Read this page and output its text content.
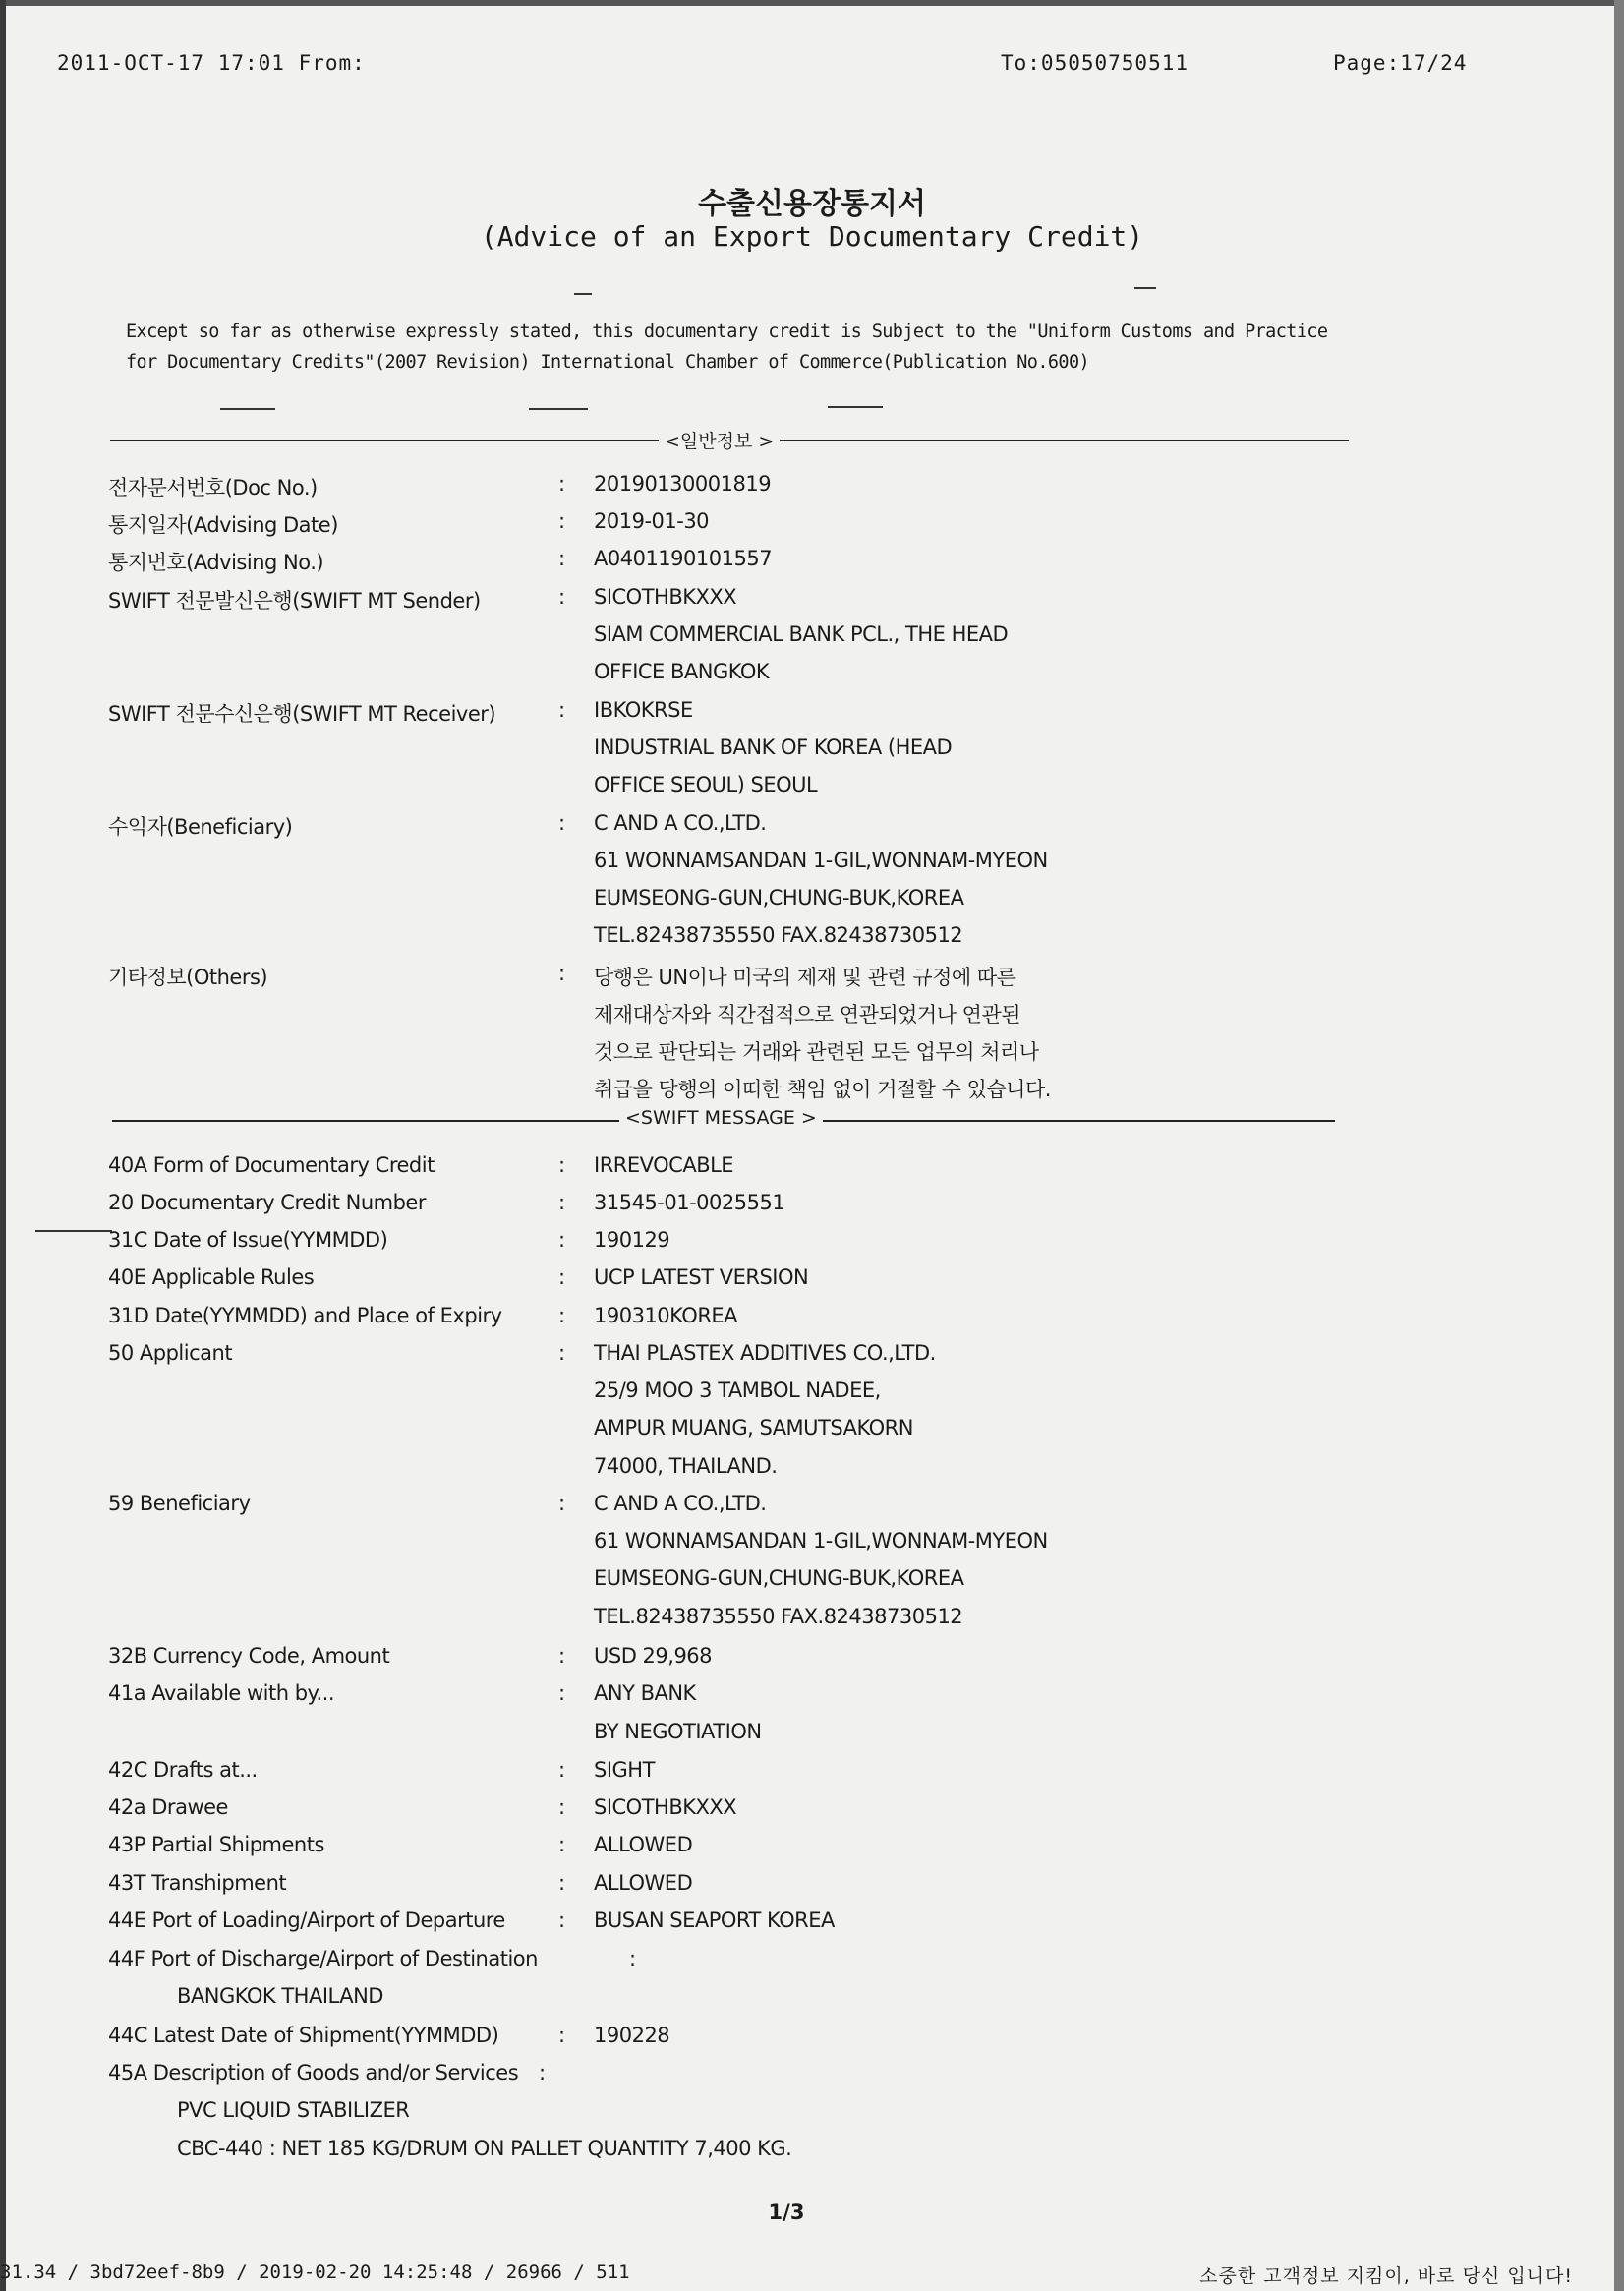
2011-OCT-17 17:01 From:	To:05050750511	Page:17/24
수출신용장통지서
(Advice of an Export Documentary Credit)
Except so far as otherwise expressly stated, this documentary credit is Subject to the "Uniform Customs and Practice for Documentary Credits"(2007 Revision) International Chamber of Commerce(Publication No.600)
<일반정보 >
전자문서번호(Doc No.)	: 20190130001819
통지일자(Advising Date)	: 2019-01-30
통지번호(Advising No.)	: A0401190101557
SWIFT 전문발신은행(SWIFT MT Sender)	: SICOTHBKXXX
SIAM COMMERCIAL BANK PCL., THE HEAD
OFFICE BANGKOK
SWIFT 전문수신은행(SWIFT MT Receiver)	: IBKOKRSE
INDUSTRIAL BANK OF KOREA (HEAD
OFFICE SEOUL) SEOUL
수익자(Beneficiary)	: C AND A CO.,LTD.
61 WONNAMSANDAN 1-GIL,WONNAM-MYEON
EUMSEONG-GUN,CHUNG-BUK,KOREA
TEL.82438735550 FAX.82438730512
기타정보(Others)	: 당행은 UN이나 미국의 제재 및 관련 규정에 따른
제재대상자와 직간접적으로 연관되었거나 연관된
것으로 판단되는 거래와 관련된 모든 업무의 처리나
취급을 당행의 어떠한 책임 없이 거절할 수 있습니다.
<SWIFT MESSAGE >
40A Form of Documentary Credit	: IRREVOCABLE
20 Documentary Credit Number	: 31545-01-0025551
31C Date of Issue(YYMMDD)	: 190129
40E Applicable Rules	: UCP LATEST VERSION
31D Date(YYMMDD) and Place of Expiry	: 190310KOREA
50 Applicant	: THAI PLASTEX ADDITIVES CO.,LTD.
25/9 MOO 3 TAMBOL NADEE,
AMPUR MUANG, SAMUTSAKORN
74000, THAILAND.
59 Beneficiary	: C AND A CO.,LTD.
61 WONNAMSANDAN 1-GIL,WONNAM-MYEON
EUMSEONG-GUN,CHUNG-BUK,KOREA
TEL.82438735550 FAX.82438730512
32B Currency Code, Amount	: USD 29,968
41a Available with by...	: ANY BANK
BY NEGOTIATION
42C Drafts at...	: SIGHT
42a Drawee	: SICOTHBKXXX
43P Partial Shipments	: ALLOWED
43T Transhipment	: ALLOWED
44E Port of Loading/Airport of Departure	: BUSAN SEAPORT KOREA
44F Port of Discharge/Airport of Destination	:
BANGKOK THAILAND
44C Latest Date of Shipment(YYMMDD)	: 190228
45A Description of Goods and/or Services :
PVC LIQUID STABILIZER
CBC-440 : NET 185 KG/DRUM ON PALLET QUANTITY 7,400 KG.
1/3
31.34 / 3bd72eef-8b9 / 2019-02-20 14:25:48 / 26966 / 511	소중한 고객정보 지킴이, 바로 당신 입니다!
